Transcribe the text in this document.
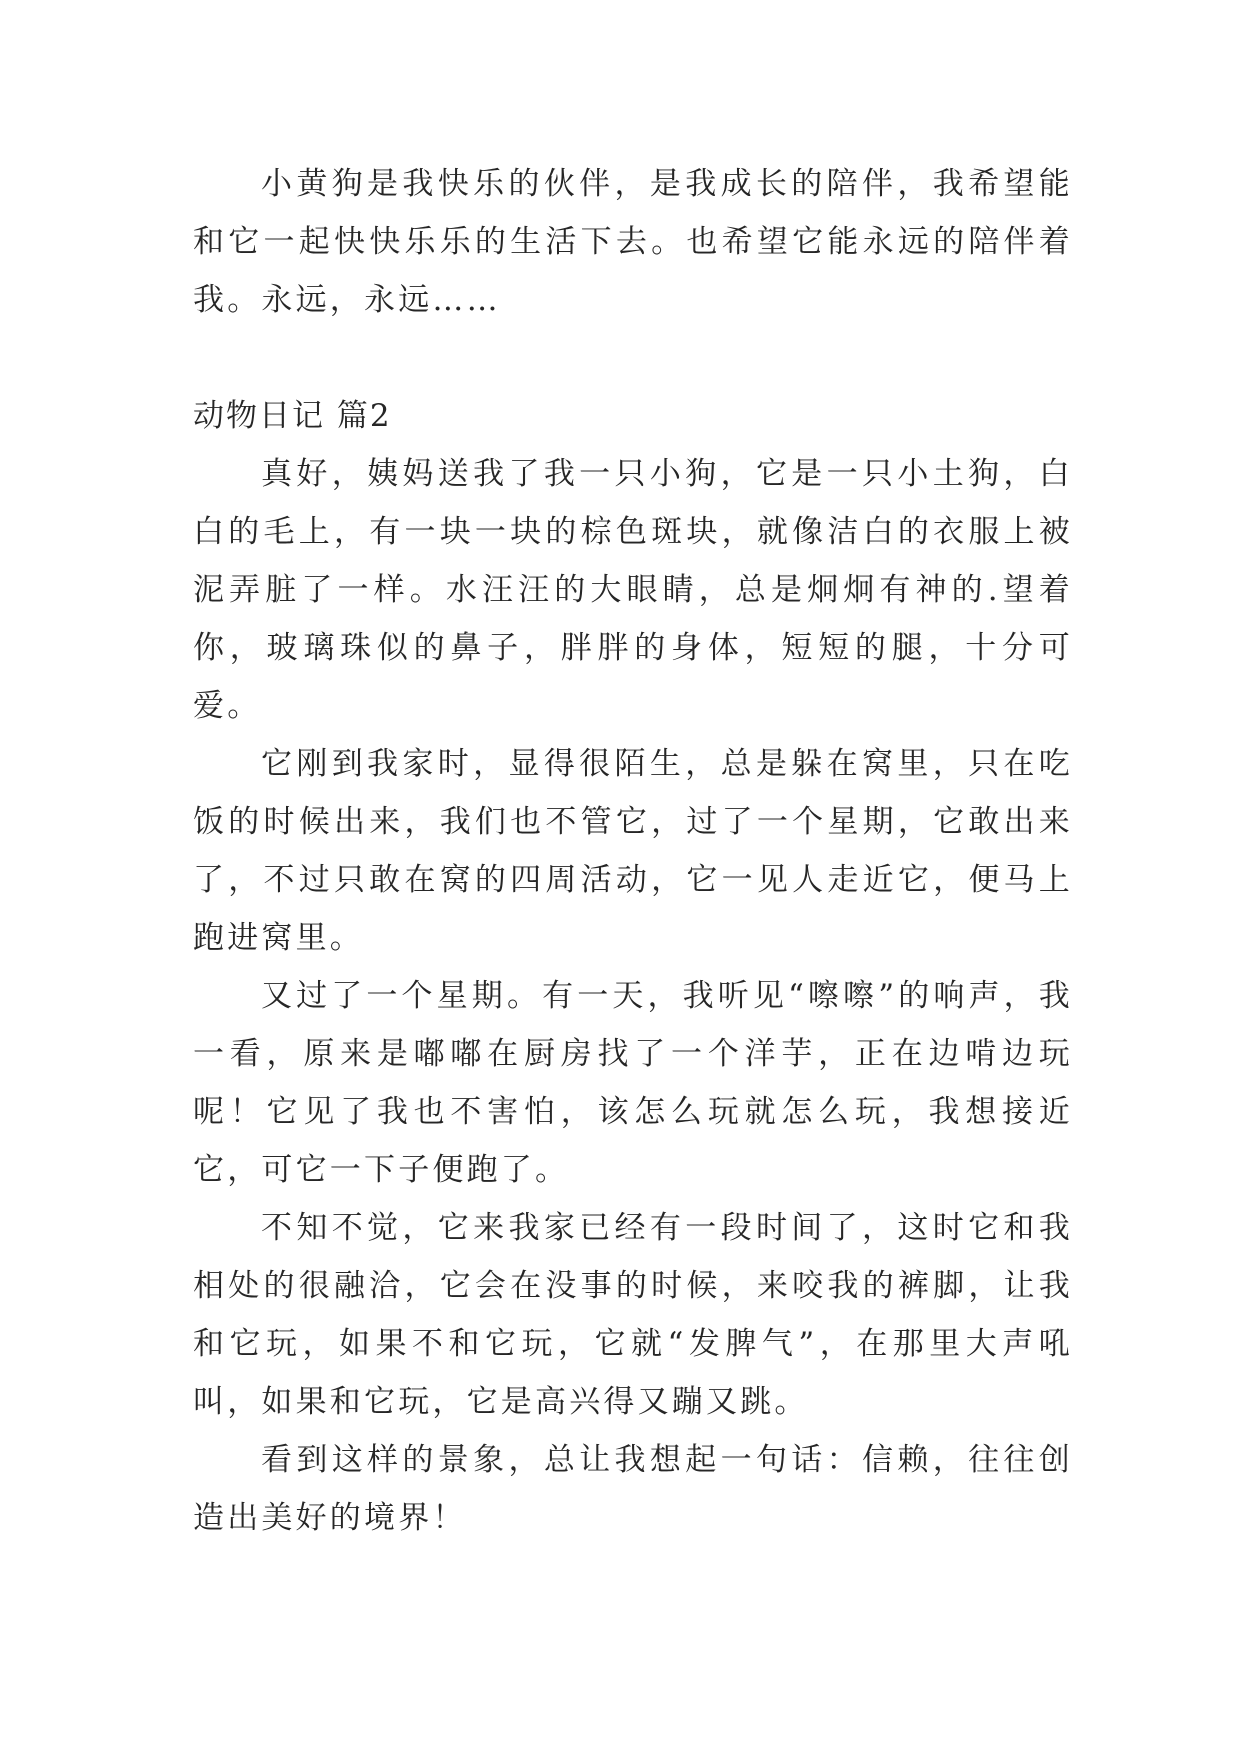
小黄狗是我快乐的伙伴，是我成长的陪伴，我希望能和它一起快快乐乐的生活下去。也希望它能永远的陪伴着我。永远，永远……

动物日记 篇2

真好，姨妈送我了我一只小狗，它是一只小土狗，白白的毛上，有一块一块的棕色斑块，就像洁白的衣服上被泥弄脏了一样。水汪汪的大眼睛，总是炯炯有神的.望着你，玻璃珠似的鼻子，胖胖的身体，短短的腿，十分可爱。

它刚到我家时，显得很陌生，总是躲在窝里，只在吃饭的时候出来，我们也不管它，过了一个星期，它敢出来了，不过只敢在窝的四周活动，它一见人走近它，便马上跑进窝里。

又过了一个星期。有一天，我听见“嚓嚓”的响声，我一看，原来是嘟嘟在厨房找了一个洋芋，正在边啃边玩呢！它见了我也不害怕，该怎么玩就怎么玩，我想接近它，可它一下子便跑了。

不知不觉，它来我家已经有一段时间了，这时它和我相处的很融洽，它会在没事的时候，来咬我的裤脚，让我和它玩，如果不和它玩，它就“发脾气”，在那里大声吼叫，如果和它玩，它是高兴得又蹦又跳。

看到这样的景象，总让我想起一句话：信赖，往往创造出美好的境界！
